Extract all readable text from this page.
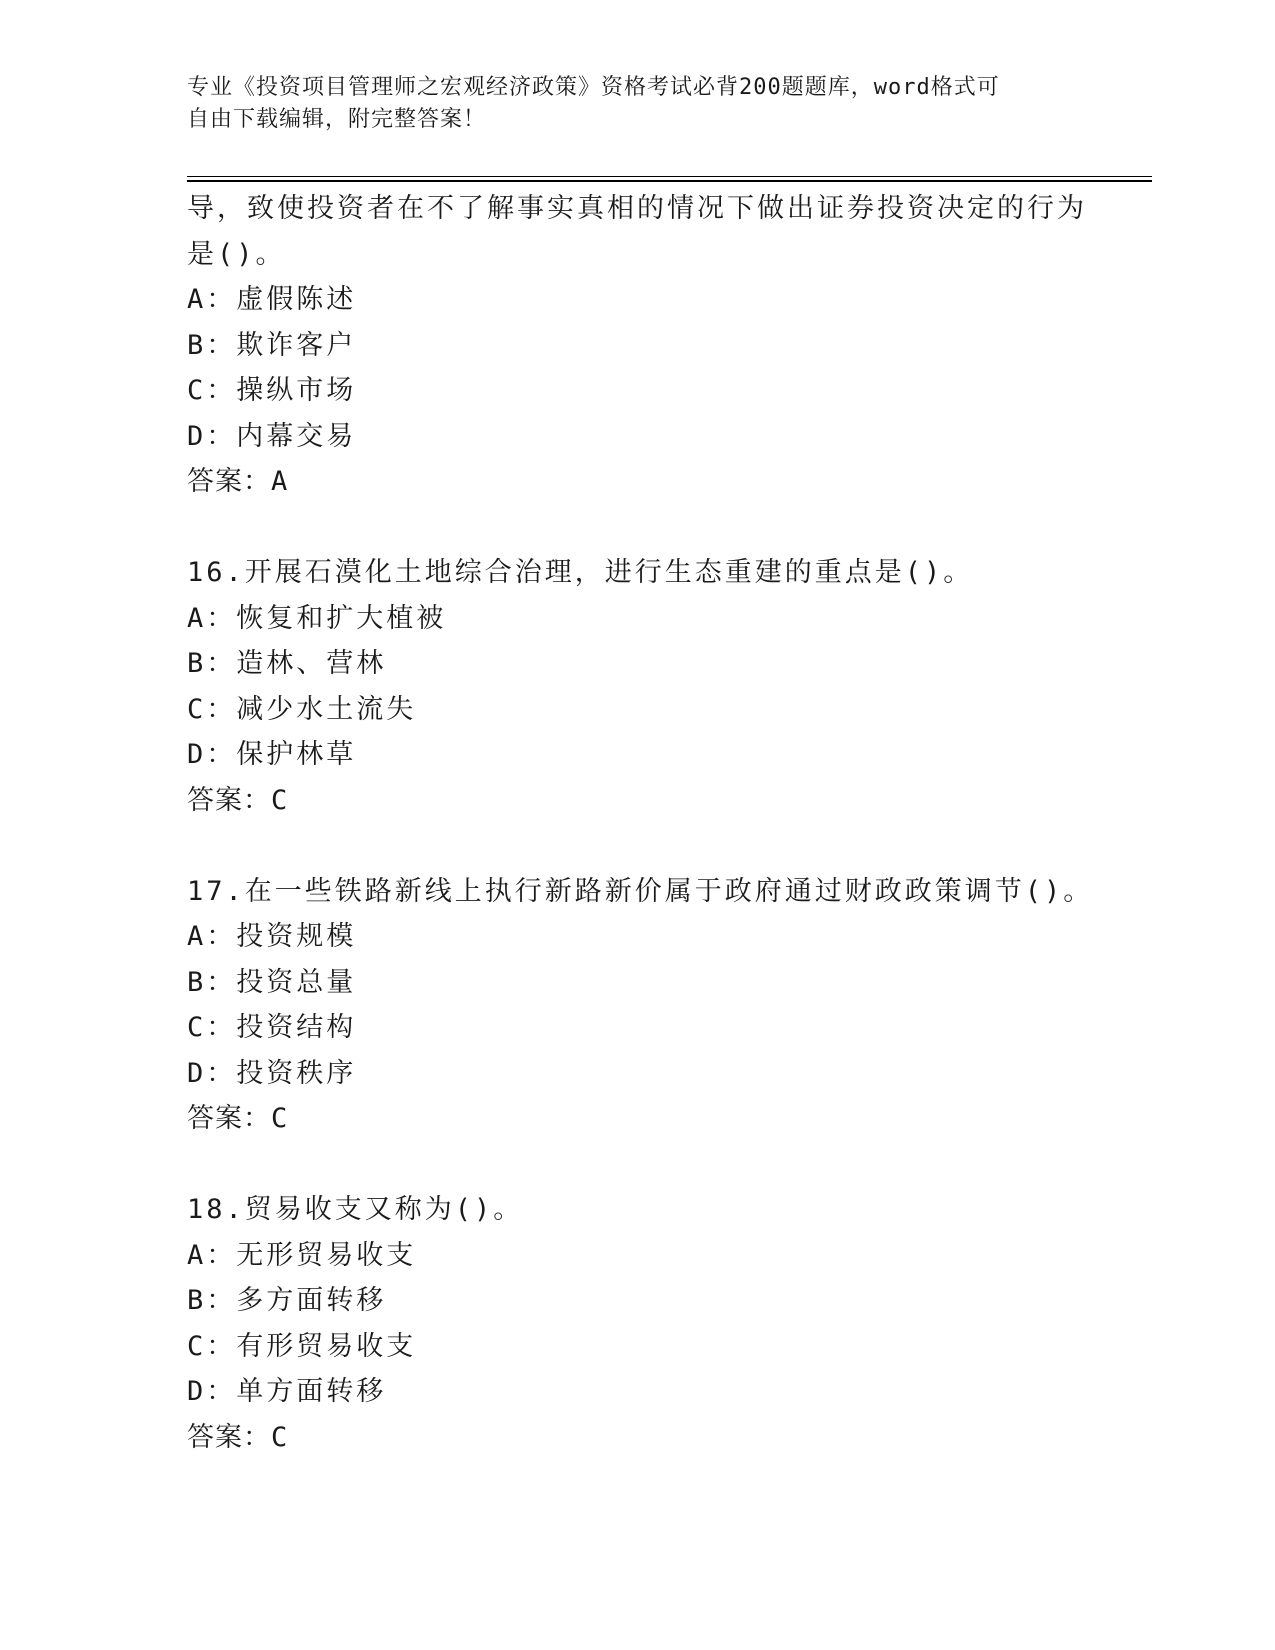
专业《投资项目管理师之宏观经济政策》资格考试必背200题题库，word格式可
自由下载编辑，附完整答案！
导，致使投资者在不了解事实真相的情况下做出证券投资决定的行为
是()。
A：虚假陈述
B：欺诈客户
C：操纵市场
D：内幕交易
答案：A
16.开展石漠化土地综合治理，进行生态重建的重点是()。
A：恢复和扩大植被
B：造林、营林
C：减少水土流失
D：保护林草
答案：C
17.在一些铁路新线上执行新路新价属于政府通过财政政策调节()。
A：投资规模
B：投资总量
C：投资结构
D：投资秩序
答案：C
18.贸易收支又称为()。
A：无形贸易收支
B：多方面转移
C：有形贸易收支
D：单方面转移
答案：C
